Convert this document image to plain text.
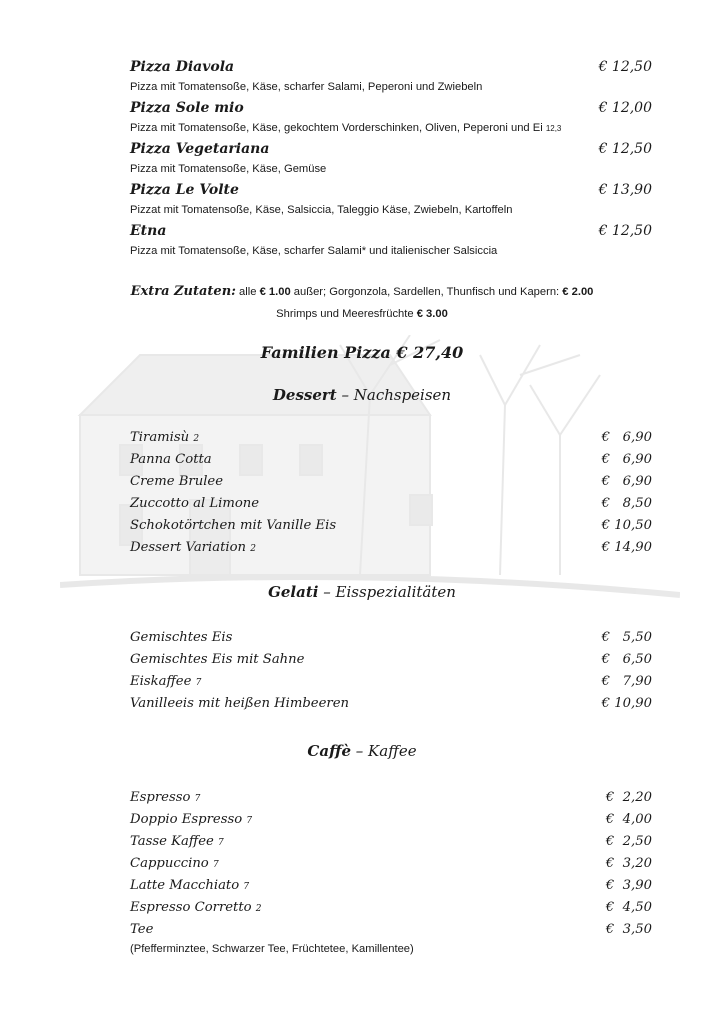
Pizza Diavola	€ 12,50
Pizza mit Tomatensoße, Käse, scharfer Salami, Peperoni und Zwiebeln
Pizza Sole mio	€ 12,00
Pizza mit Tomatensoße, Käse, gekochtem Vorderschinken, Oliven, Peperoni und Ei 12,3
Pizza Vegetariana	€ 12,50
Pizza mit Tomatensoße, Käse, Gemüse
Pizza Le Volte	€ 13,90
Pizzat mit Tomatensoße, Käse, Salsiccia, Taleggio Käse, Zwiebeln, Kartoffeln
Etna	€ 12,50
Pizza mit Tomatensoße, Käse, scharfer Salami* und italienischer Salsiccia
Extra Zutaten: alle € 1.00 außer; Gorgonzola, Sardellen, Thunfisch und Kapern: € 2.00
Shrimps und Meeresfrüchte € 3.00
Familien Pizza € 27,40
Dessert – Nachspeisen
Tiramisù 2	€   6,90
Panna Cotta	€   6,90
Creme Brulee	€   6,90
Zuccotto al Limone	€   8,50
Schokotörtchen mit Vanille Eis	€ 10,50
Dessert Variation 2	€ 14,90
Gelati – Eisspezialitäten
Gemischtes Eis	€   5,50
Gemischtes Eis mit Sahne	€   6,50
Eiskaffee 7	€   7,90
Vanilleeis mit heißen Himbeeren	€ 10,90
Caffè – Kaffee
Espresso 7	€  2,20
Doppio Espresso 7	€  4,00
Tasse Kaffee 7	€  2,50
Cappuccino 7	€  3,20
Latte Macchiato 7	€  3,90
Espresso Corretto 2	€  4,50
Tee	€  3,50
(Pfefferminztee, Schwarzer Tee, Früchtetee, Kamillentee)
